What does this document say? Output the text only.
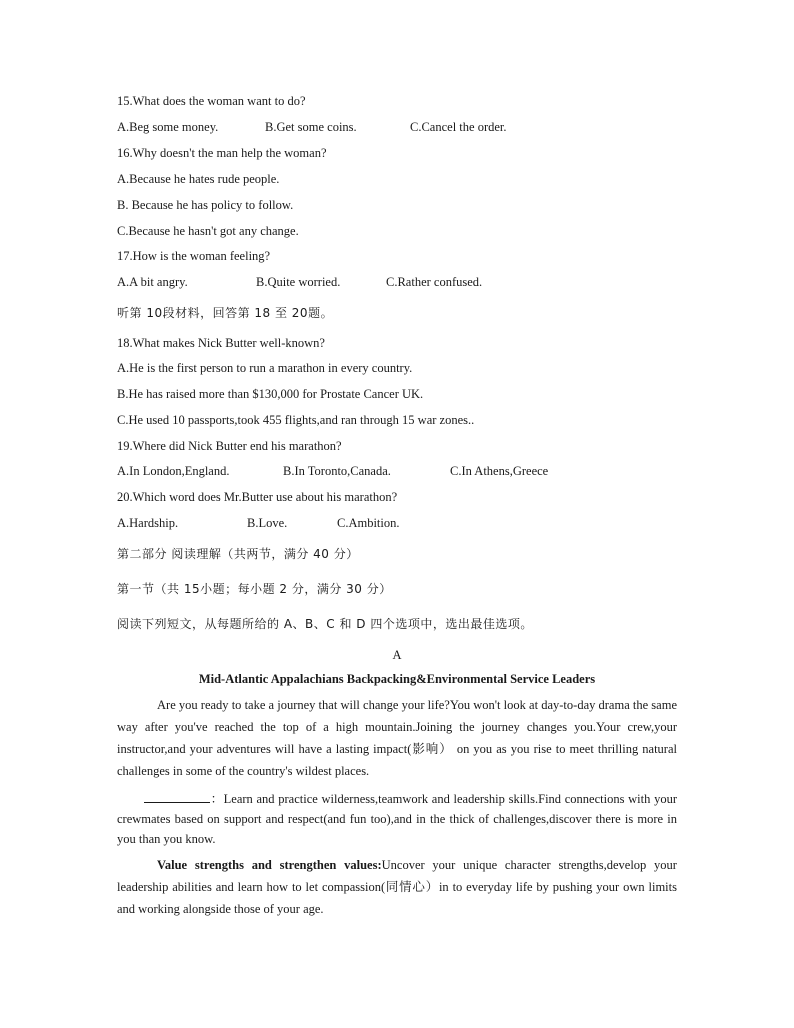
15.What does the woman want to do?
A.Beg some money.	B.Get some coins.	C.Cancel the order.
16.Why doesn't the man help the woman?
A.Because he hates rude people.
B. Because he has policy to follow.
C.Because he hasn't got any change.
17.How is the woman feeling?
A.A bit angry.	B.Quite worried.	C.Rather confused.
听第 10段材料，回答第 18 至 20题。
18.What makes Nick Butter well-known?
A.He is the first person to run a marathon in every country.
B.He has raised more than $130,000 for Prostate Cancer UK.
C.He used 10 passports,took 455 flights,and ran through 15 war zones..
19.Where did Nick Butter end his marathon?
A.In London,England.	B.In Toronto,Canada.	C.In Athens,Greece
20.Which word does Mr.Butter use about his marathon?
A.Hardship.	B.Love.	C.Ambition.
第二部分 阅读理解（共两节，满分 40 分）
第一节（共 15小题；每小题 2 分，满分 30 分）
阅读下列短文，从每题所给的 A、B、C 和 D 四个选项中，选出最佳选项。
A
Mid-Atlantic Appalachians Backpacking&Environmental Service Leaders
Are you ready to take a journey that will change your life?You won't look at day-to-day drama the same way after you've reached the top of a high mountain.Joining the journey changes you.Your crew,your instructor,and your adventures will have a lasting impact(影响） on you as you rise to meet thrilling natural challenges in some of the country's wildest places.
：Learn and practice wilderness,teamwork and leadership skills.Find connections with your crewmates based on support and respect(and fun too),and in the thick of challenges,discover there is more in you than you know.
Value strengths and strengthen values:Uncover your unique character strengths,develop your leadership abilities and learn how to let compassion(同情心）in to everyday life by pushing your own limits and working alongside those of your age.
